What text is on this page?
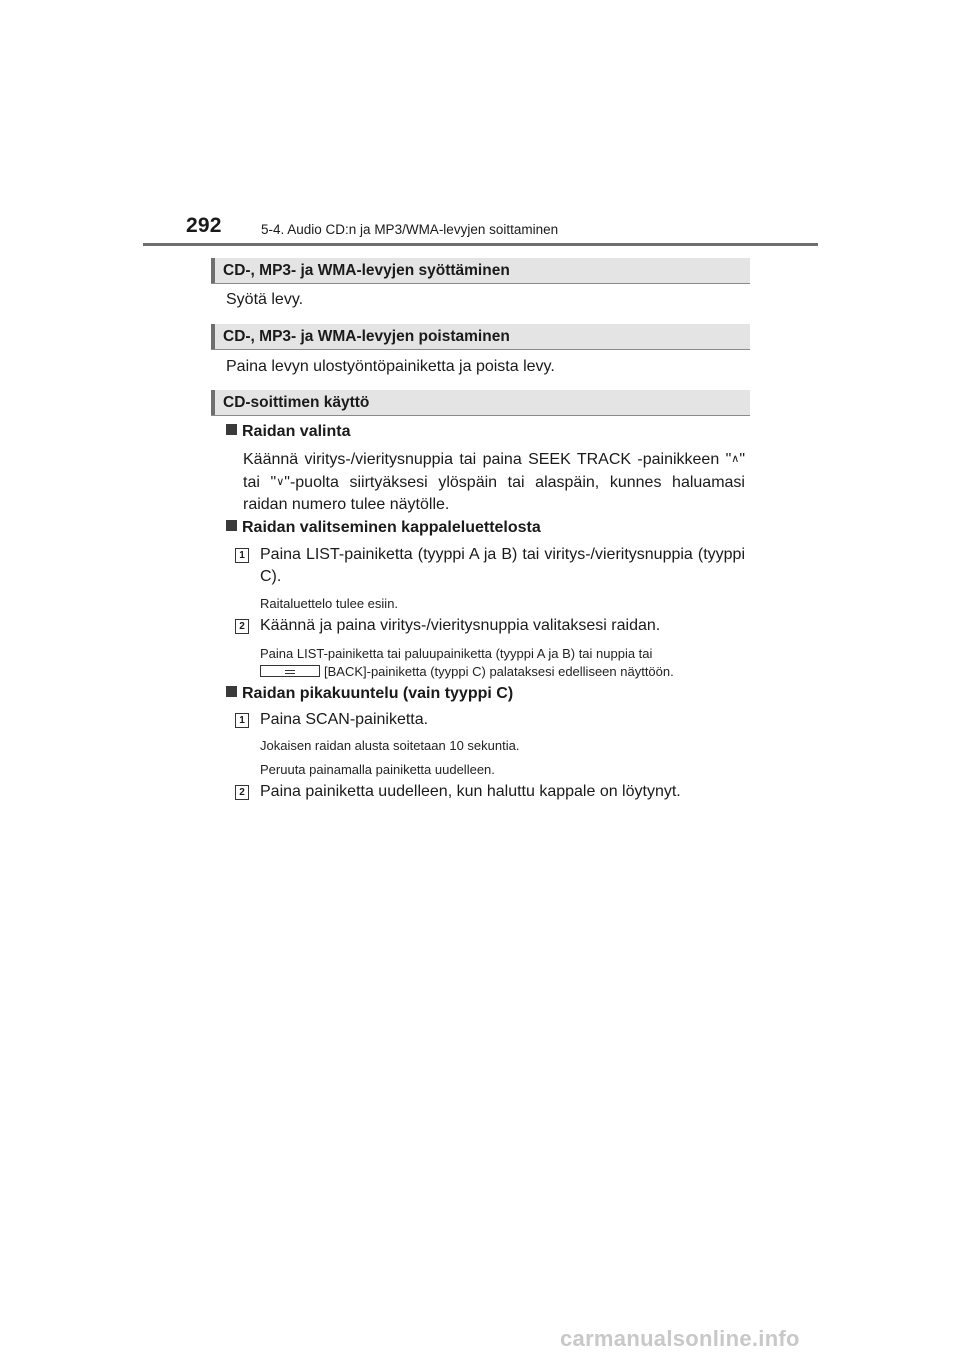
292	5-4. Audio CD:n ja MP3/WMA-levyjen soittaminen
CD-, MP3- ja WMA-levyjen syöttäminen
Syötä levy.
CD-, MP3- ja WMA-levyjen poistaminen
Paina levyn ulostyöntöpainiketta ja poista levy.
CD-soittimen käyttö
Raidan valinta
Käännä viritys-/vieritysnuppia tai paina SEEK TRACK -painikkeen "∧" tai "∨"-puolta siirtyäksesi ylöspäin tai alaspäin, kunnes haluamasi raidan numero tulee näytölle.
Raidan valitseminen kappaleluettelosta
1 Paina LIST-painiketta (tyyppi A ja B) tai viritys-/vieritysnuppia (tyyppi C).
Raitaluettelo tulee esiin.
2 Käännä ja paina viritys-/vieritysnuppia valitaksesi raidan.
Paina LIST-painiketta tai paluupainiketta (tyyppi A ja B) tai nuppia tai
[BACK]-painiketta (tyyppi C) palataksesi edelliseen näyttöön.
Raidan pikakuuntelu (vain tyyppi C)
1 Paina SCAN-painiketta.
Jokaisen raidan alusta soitetaan 10 sekuntia.
Peruuta painamalla painiketta uudelleen.
2 Paina painiketta uudelleen, kun haluttu kappale on löytynyt.
carmanualsonline.info
